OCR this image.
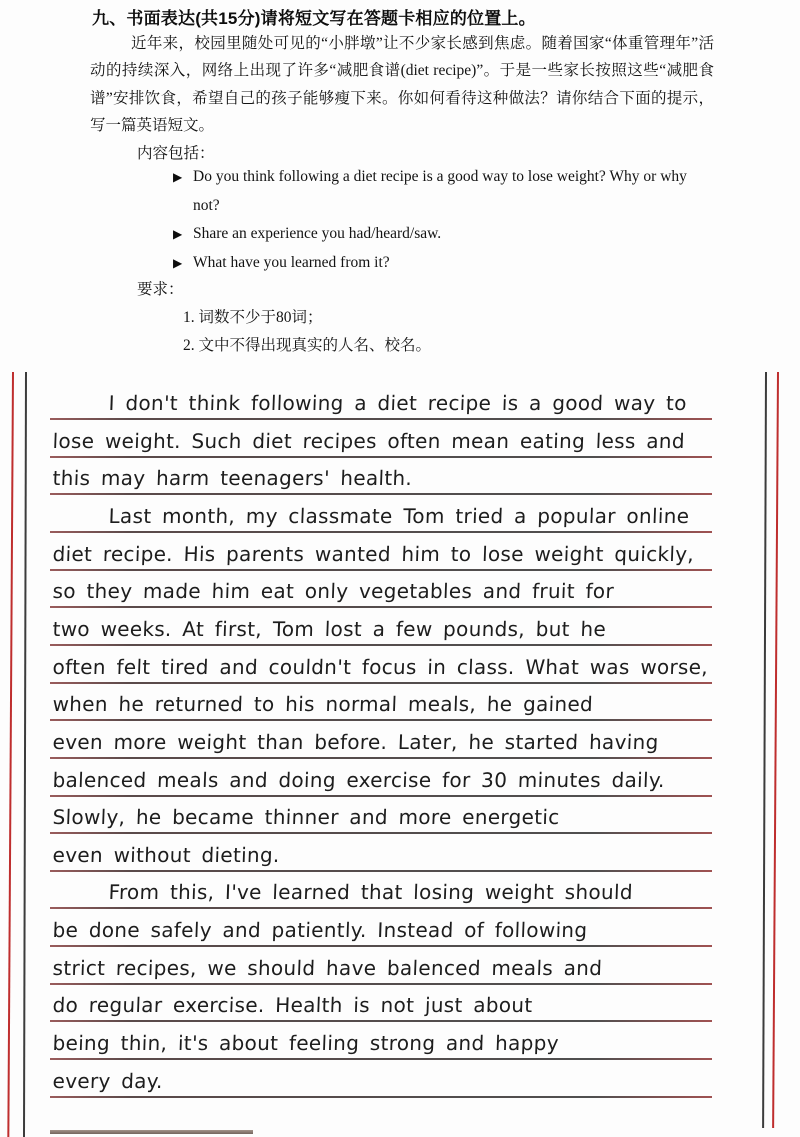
九、书面表达(共15分)请将短文写在答题卡相应的位置上。
近年来，校园里随处可见的“小胖墩”让不少家长感到焦虑。随着国家“体重管理年”活动的持续深入，网络上出现了许多“减肥食谱(diet recipe)”。于是一些家长按照这些“减肥食谱”安排饮食，希望自己的孩子能够瘦下来。你如何看待这种做法？请你结合下面的提示，写一篇英语短文。
内容包括：
▶ Do you think following a diet recipe is a good way to lose weight? Why or why not?
▶ Share an experience you had/heard/saw.
▶ What have you learned from it?
要求：
1. 词数不少于80词；
2. 文中不得出现真实的人名、校名。
I don't think following a diet recipe is a good way to
lose weight. Such diet recipes often mean eating less and
this may harm teenagers' health.
Last month, my classmate Tom tried a popular online
diet recipe. His parents wanted him to lose weight quickly,
so they made him eat only vegetables and fruit for
two weeks. At first, Tom lost a few pounds, but he
often felt tired and couldn't focus in class. What was worse,
when he returned to his normal meals, he gained
even more weight than before. Later, he started having
balenced meals and doing exercise for 30 minutes daily.
Slowly, he became thinner and more energetic
even without dieting.
From this, I've learned that losing weight should
be done safely and patiently. Instead of following
strict recipes, we should have balenced meals and
do regular exercise. Health is not just about
being thin, it's about feeling strong and happy
every day.
